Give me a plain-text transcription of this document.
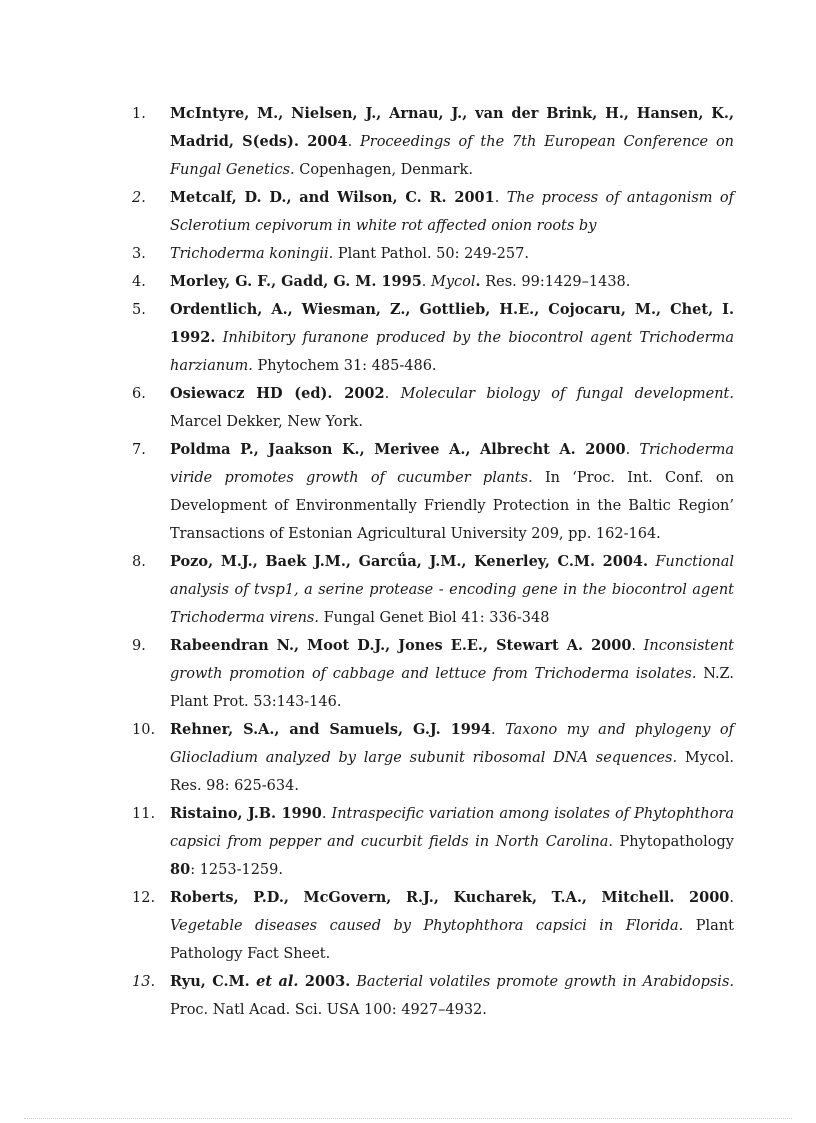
1.	McIntyre, M., Nielsen, J., Arnau, J., van der Brink, H., Hansen, K., Madrid, S(eds). 2004. Proceedings of the 7th European Conference on Fungal Genetics. Copenhagen, Denmark.
2.	Metcalf, D. D., and Wilson, C. R. 2001. The process of antagonism of Sclerotium cepivorum in white rot affected onion roots by
3.	Trichoderma koningii. Plant Pathol. 50: 249-257.
4.	Morley, G. F., Gadd, G. M. 1995. Mycol. Res. 99:1429–1438.
5.	Ordentlich, A., Wiesman, Z., Gottlieb, H.E., Cojocaru, M., Chet, I. 1992. Inhibitory furanone produced by the biocontrol agent Trichoderma harzianum. Phytochem 31: 485-486.
6.	Osiewacz HD (ed). 2002. Molecular biology of fungal development. Marcel Dekker, New York.
7.	Poldma P., Jaakson K., Merivee A., Albrecht A. 2000. Trichoderma viride promotes growth of cucumber plants. In ‘Proc. Int. Conf. on Development of Environmentally Friendly Protection in the Baltic Region’ Transactions of Estonian Agricultural University 209, pp. 162-164.
8.	Pozo, M.J., Baek J.M., Garcǘa, J.M., Kenerley, C.M. 2004. Functional analysis of tvsp1, a serine protease - encoding gene in the biocontrol agent Trichoderma virens. Fungal Genet Biol 41: 336-348
9.	Rabeendran N., Moot D.J., Jones E.E., Stewart A. 2000. Inconsistent growth promotion of cabbage and lettuce from Trichoderma isolates. N.Z. Plant Prot. 53:143-146.
10.	Rehner, S.A., and Samuels, G.J. 1994. Taxono my and phylogeny of Gliocladium analyzed by large subunit ribosomal DNA sequences. Mycol. Res. 98: 625-634.
11.	Ristaino, J.B. 1990. Intraspecific variation among isolates of Phytophthora capsici from pepper and cucurbit fields in North Carolina. Phytopathology 80: 1253-1259.
12.	Roberts, P.D., McGovern, R.J., Kucharek, T.A., Mitchell. 2000. Vegetable diseases caused by Phytophthora capsici in Florida. Plant Pathology Fact Sheet.
13.	Ryu, C.M. et al. 2003. Bacterial volatiles promote growth in Arabidopsis. Proc. Natl Acad. Sci. USA 100: 4927–4932.
